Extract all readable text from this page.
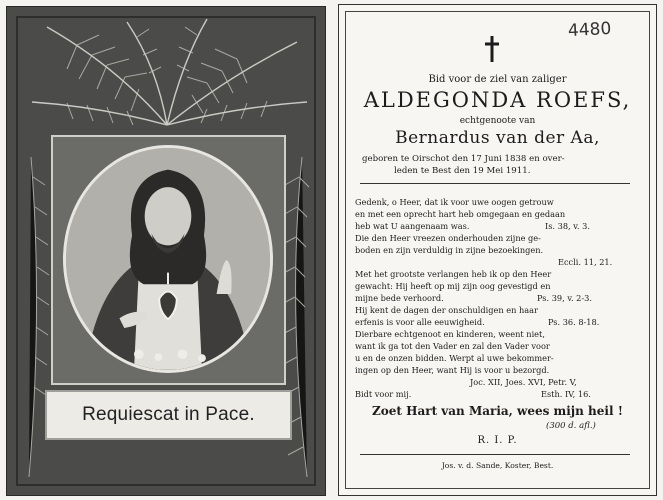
Requiescat in Pace.
4480
Bid voor de ziel van zaliger
ALDEGONDA ROEFS,
echtgenoote van
Bernardus van der Aa,
geboren te Oirschot den 17 Juni 1838 en over-
leden te Best den 19 Mei 1911.
Gedenk, o Heer, dat ik voor uwe oogen getrouw
en met een oprecht hart heb omgegaan en gedaan
heb wat U aangenaam was.	Is. 38, v. 3.
Die den Heer vreezen onderhouden zijne ge-
boden en zijn verduldig in zijne bezoekingen.
Eccli. 11, 21.
Met het grootste verlangen heb ik op den Heer
gewacht: Hij heeft op mij zijn oog gevestigd en
mijne bede verhoord.	Ps. 39, v. 2-3.
Hij kent de dagen der onschuldigen en haar
erfenis is voor alle eeuwigheid.	Ps. 36. 8-18.
Dierbare echtgenoot en kinderen, weent niet,
want ik ga tot den Vader en zal den Vader voor
u en de onzen bidden. Werpt al uwe bekommer-
ingen op den Heer, want Hij is voor u bezorgd.
Joc. XII, Joes. XVI, Petr. V,
Bidt voor mij.	Esth. IV, 16.
Zoet Hart van Maria, wees mijn heil !
(300 d. afl.)
R. I. P.
Jos. v. d. Sande, Koster, Best.
